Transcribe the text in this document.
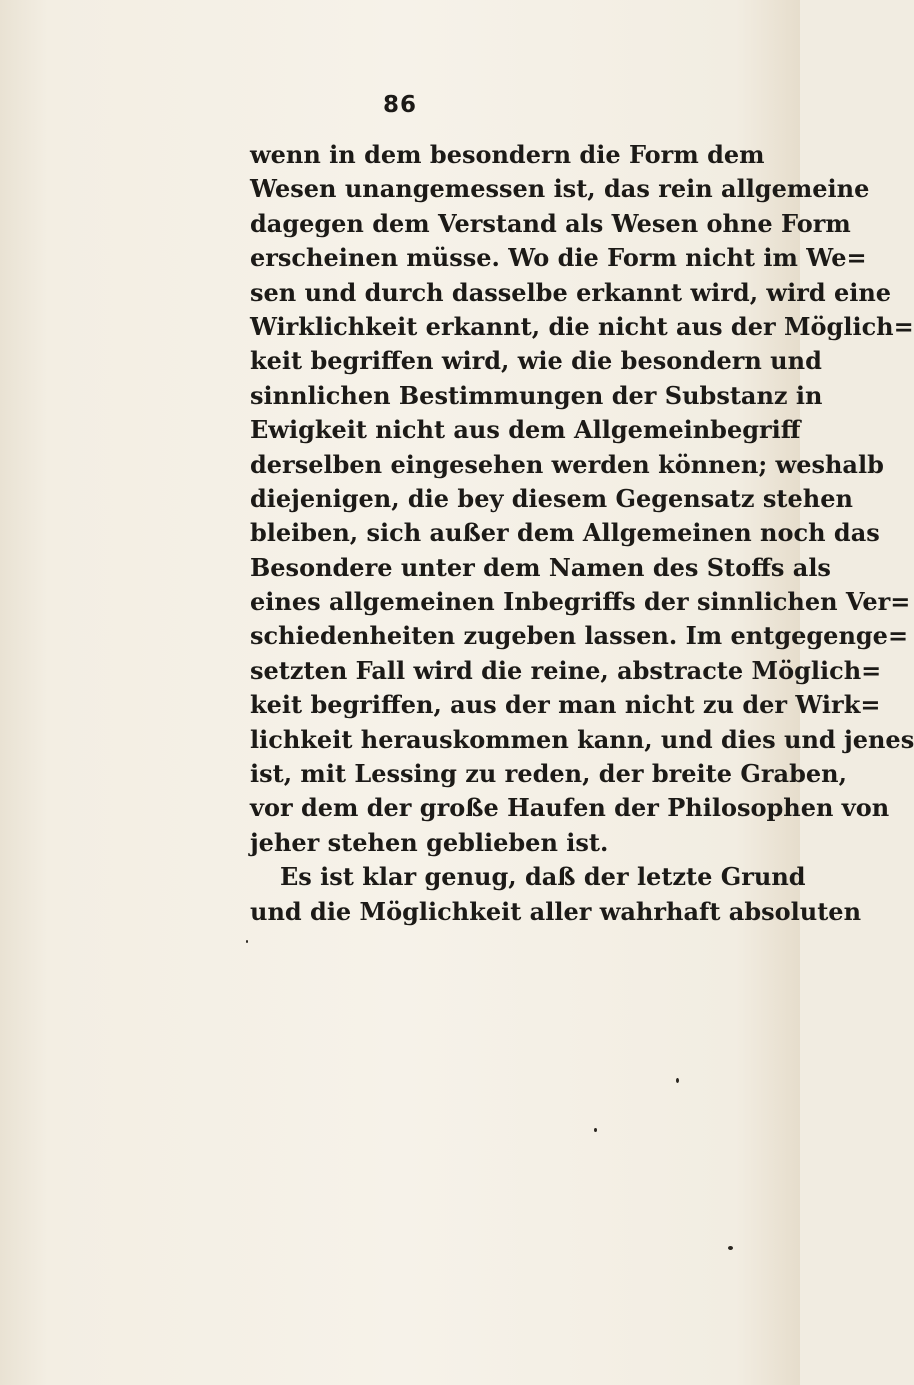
86
wenn in dem besondern die Form dem
Wesen unangemessen ist, das rein allgemeine
dagegen dem Verstand als Wesen ohne Form
erscheinen müsse. Wo die Form nicht im We=
sen und durch dasselbe erkannt wird, wird eine
Wirklichkeit erkannt, die nicht aus der Möglich=
keit begriffen wird, wie die besondern und
sinnlichen Bestimmungen der Substanz in
Ewigkeit nicht aus dem Allgemeinbegriff
derselben eingesehen werden können; weshalb
diejenigen, die bey diesem Gegensatz stehen
bleiben, sich außer dem Allgemeinen noch das
Besondere unter dem Namen des Stoffs als
eines allgemeinen Inbegriffs der sinnlichen Ver=
schiedenheiten zugeben lassen. Im entgegenge=
setzten Fall wird die reine, abstracte Möglich=
keit begriffen, aus der man nicht zu der Wirk=
lichkeit herauskommen kann, und dies und jenes
ist, mit Lessing zu reden, der breite Graben,
vor dem der große Haufen der Philosophen von
jeher stehen geblieben ist.
Es ist klar genug, daß der letzte Grund
und die Möglichkeit aller wahrhaft absoluten
